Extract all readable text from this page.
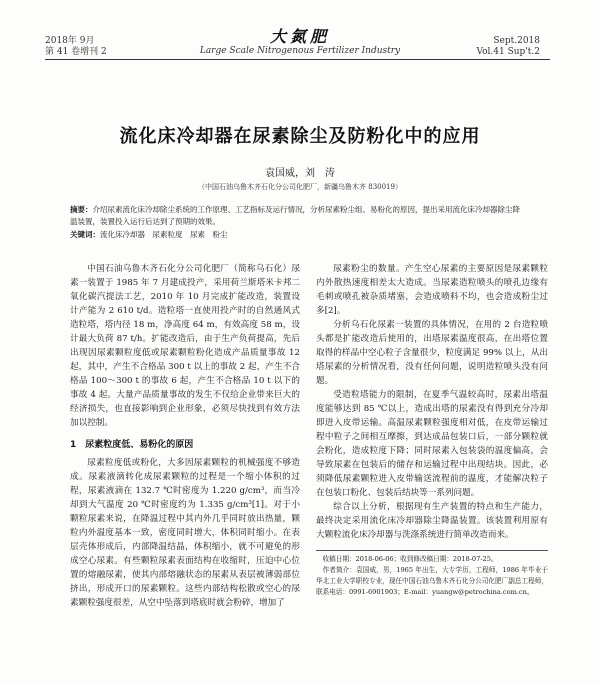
2018年 9月
第 41 卷增刊 2
大氮肥
Large Scale Nitrogenous Fertilizer Industry
Sept.2018
Vol.41 Sup't.2
流化床冷却器在尿素除尘及防粉化中的应用
袁国威，刘　涛
（中国石油乌鲁木齐石化分公司化肥厂，新疆乌鲁木齐 830019）
摘要：介绍尿素流化床冷却除尘系统的工作原理、工艺指标及运行情况，分析尿素粉尘组、易粉化的原因，提出采用流化床冷却器除尘降温装置，装置投入运行后达到了预期的效果。
关键词：流化床冷却器　尿素粒度　尿素　粉尘

中国石油乌鲁木齐石化分公司化肥厂（简称乌石化）尿素一装置于 1985 年 7 月建成投产，采用荷兰斯塔米卡邦二氧化碳汽提法工艺，2010 年 10 月完成扩能改造，装置设计产能为 2 610 t/d。造粒塔一直使用投产时的自然通风式造粒塔，塔内径 18 m，净高度 64 m，有效高度 58 m，设计最大负荷 87 t/h。扩能改造后，由于生产负荷提高，先后出现因尿素颗粒度低或尿素颗粒粉化造成产品质量事故 12 起，其中，产生不合格品 300 t 以上的事故 2 起，产生不合格品 100～300 t 的事故 6 起，产生不合格品 10 t 以下的事故 4 起。大量产品质量事故的发生不仅给企业带来巨大的经济损失，也直接影响到企业形象，必须尽快找到有效方法加以控制。

1　尿素粒度低、易粉化的原因

尿素粒度低或粉化，大多因尿素颗粒的机械强度不够造成。尿素液滴转化成尿素颗粒的过程是一个缩小体积的过程，尿素液滴在 132.7 ℃时密度为 1.220 g/cm³，而当冷却到大气温度 20 ℃时密度约为 1.335 g/cm³[1]。对于小颗粒尿素来说，在降温过程中其内外几乎同时放出热量，颗粒内外温度基本一致，密度同时增大，体积同时缩小。在表层壳体形成后，内部降温结晶，体积缩小，就不可避免的形成空心尿素。有些颗粒尿素表面结构在收缩时，压迫中心位置的熔融尿素，使其内部熔融状态的尿素从表层被薄弱部位挤出，形成开口的尿素颗粒。这些内部结构松散或空心的尿素颗粒强度很差，从空中坠落到塔底时就会粉碎，增加了

尿素粉尘的数量。产生空心尿素的主要原因是尿素颗粒内外散热速度相差太大造成。当尿素造粒喷头的喷孔边缘有毛刺或喷孔被杂质堵塞，会造成喷料不均，也会造成粉尘过多[2]。

分析乌石化尿素一装置的具体情况，在用的 2 台造粒喷头都是扩能改造后使用的，出塔尿素温度很高，在出塔位置取得的样品中空心粒子含量很少，粒度满足 99% 以上，从出塔尿素的分析情况看，没有任何问题，说明造粒喷头没有问题。

受造粒塔能力的限制，在夏季气温较高时，尿素出塔温度能够达到 85 ℃以上，造成出塔的尿素没有得到充分冷却即进入皮带运输。高温尿素颗粒强度相对低，在皮带运输过程中粒子之间相互摩擦，到达成品包装口后，一部分颗粒就会粉化，造成粒度下降；同时尿素入包装袋的温度偏高，会导致尿素在包装后的储存和运输过程中出现结块。因此，必须降低尿素颗粒进入皮带输送流程前的温度，才能解决粒子在包装口粉化、包装后结块等一系列问题。

综合以上分析，根据现有生产装置的特点和生产能力，最终决定采用流化床冷却器除尘降温装置。该装置利用原有大颗粒流化床冷却器与洗涤系统进行简单改造而来。

收稿日期：2018-06-06；收到修改稿日期：2018-07-25。

作者简介：袁国威，男，1965 年出生，大专学历，工程师，1986 年毕业于华北工业大学职校专业，现任中国石油乌鲁木齐石化分公司化肥厂副总工程师，联系电话：0991-6901903；E-mail：yuangw@petrochina.com.cn。
